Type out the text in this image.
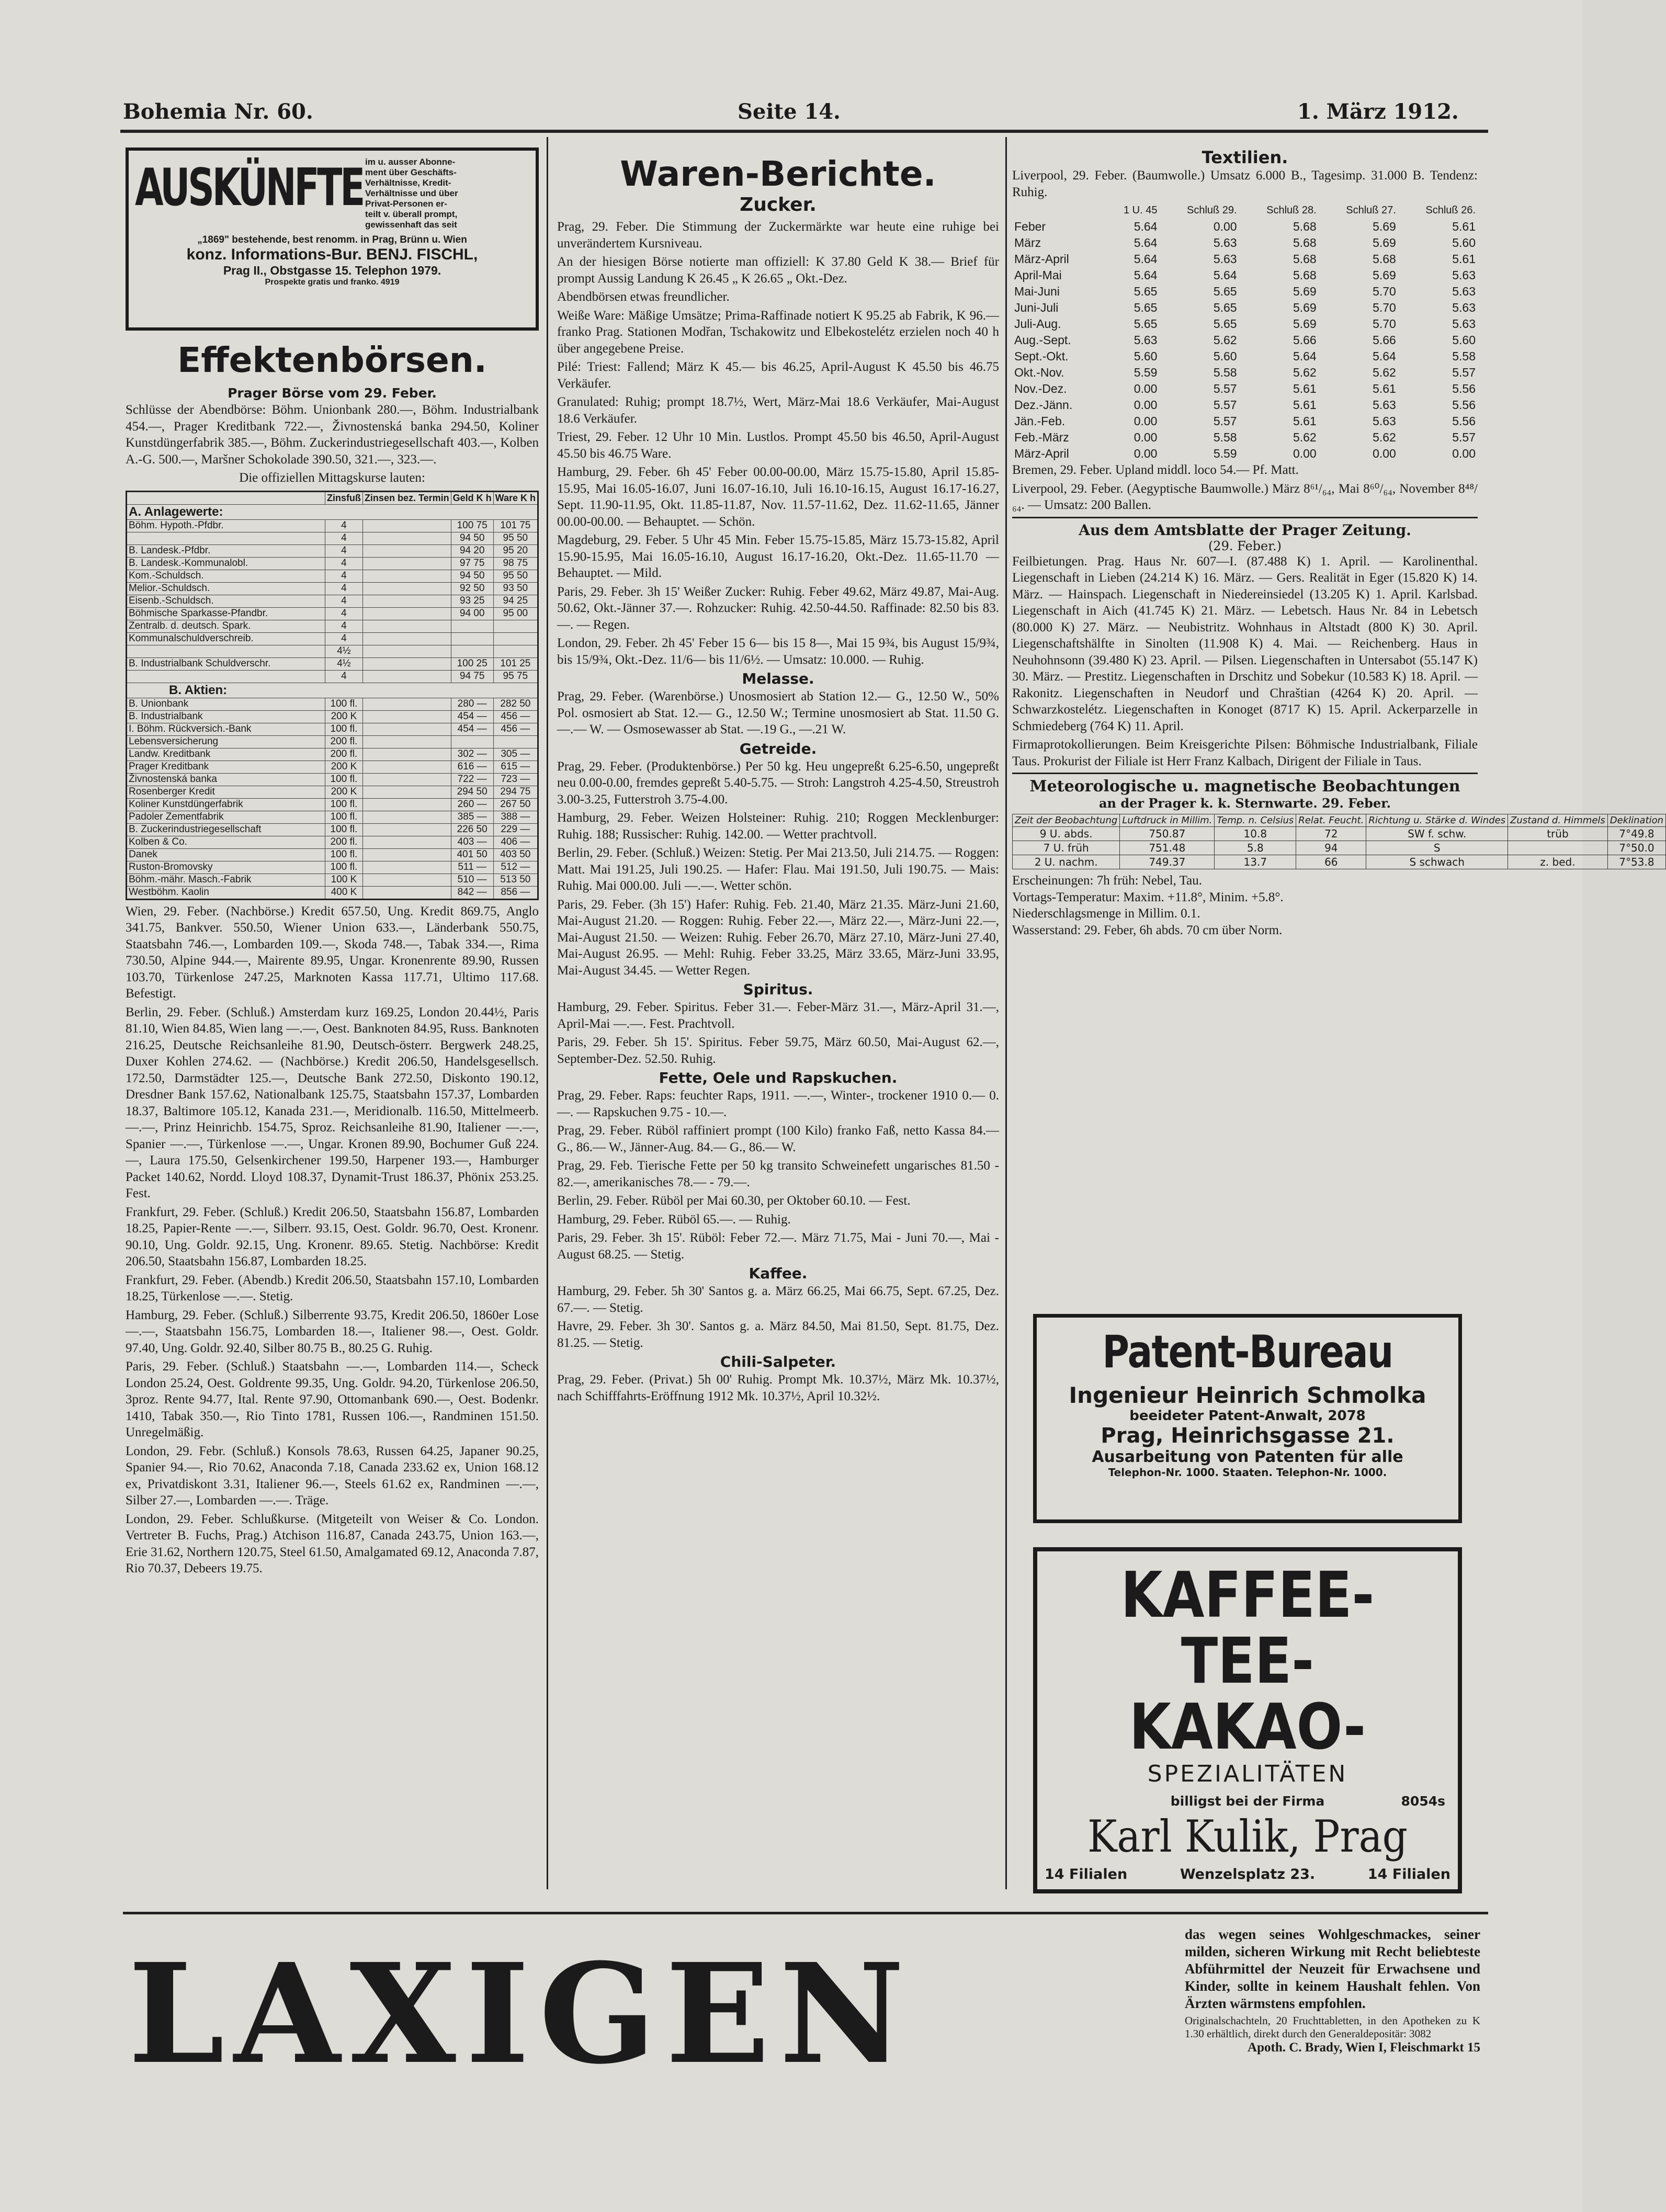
Bohemia Nr. 60.	Seite 14.	1. März 1912.
AUSKÜNFTE im u. ausser Abonne-
ment über Geschäfts-
Verhältnisse, Kredit-
Verhältnisse und über
Privat-Personen er-
teilt v. überall prompt,
gewissenhaft das seit
„1869" bestehende, best renomm. in Prag, Brünn u. Wien
konz. Informations-Bur. BENJ. FISCHL,
Prag II., Obstgasse 15. Telephon 1979.
Prospekte gratis und franko. 4919
Effektenbörsen.
Prager Börse vom 29. Feber.

Schlüsse der Abendbörse: Böhm. Unionbank 280.—, Böhm. Industrialbank 454.—, Prager Kreditbank 722.—, Živnostenská banka 294.50, Koliner Kunstdüngerfabrik 385.—, Böhm. Zuckerindustriegesellschaft 403.—, Kolben A.-G. 500.—, Maršner Schokolade 390.50, 321.—, 323.—.

Die offiziellen Mittagskurse lauten:

	Zinsfuß	Zinsen bez. Termin	Geld K h	Ware K h
A. Anlagewerte:				
Böhm. Hypoth.-Pfdbr.	4		100 75	101 75
	4		94 50	95 50
B. Landesk.-Pfdbr.	4		94 20	95 20
B. Landesk.-Kommunalobl.	4		97 75	98 75
Kom.-Schuldsch.	4		94 50	95 50
Melior.-Schuldsch.	4		92 50	93 50
Eisenb.-Schuldsch.	4		93 25	94 25
Böhmische Sparkasse-Pfandbr.	4		94 00	95 00
Zentralb. d. deutsch. Spark.	4			
Kommunalschuldverschreib.	4			
	4½			
B. Industrialbank Schuldverschr.	4½		100 25	101 25
	4		94 75	95 75
B. Aktien:				
B. Unionbank	100 fl.		280 —	282 50
B. Industrialbank	200 K		454 —	456 —
I. Böhm. Rückversich.-Bank	100 fl.		454 —	456 —
Lebensversicherung	200 fl.			
Landw. Kreditbank	200 fl.		302 —	305 —
Prager Kreditbank	200 K		616 —	615 —
Živnostenská banka	100 fl.		722 —	723 —
Rosenberger Kredit	200 K		294 50	294 75
Koliner Kunstdüngerfabrik	100 fl.		260 —	267 50
Padoler Zementfabrik	100 fl.		385 —	388 —
B. Zuckerindustriegesellschaft	100 fl.		226 50	229 —
Kolben & Co.	200 fl.		403 —	406 —
Danek	100 fl.		401 50	403 50
Ruston-Bromovsky	100 fl.		511 —	512 —
Böhm.-mähr. Masch.-Fabrik	100 K		510 —	513 50
Westböhm. Kaolin	400 K		842 —	856 —

Wien, 29. Feber. (Nachbörse.) Kredit 657.50, Ung. Kredit 869.75, Anglo 341.75, Bankver. 550.50, Wiener Union 633.—, Länderbank 550.75, Staatsbahn 746.—, Lombarden 109.—, Skoda 748.—, Tabak 334.—, Rima 730.50, Alpine 944.—, Mairente 89.95, Ungar. Kronenrente 89.90, Russen 103.70, Türkenlose 247.25, Marknoten Kassa 117.71, Ultimo 117.68. Befestigt.

Berlin, 29. Feber. (Schluß.) Amsterdam kurz 169.25, London 20.44½, Paris 81.10, Wien 84.85, Wien lang —.—, Oest. Banknoten 84.95, Russ. Banknoten 216.25, Deutsche Reichsanleihe 81.90, Deutsch-österr. Bergwerk 248.25, Duxer Kohlen 274.62. — (Nachbörse.) Kredit 206.50, Handelsgesellsch. 172.50, Darmstädter 125.—, Deutsche Bank 272.50, Diskonto 190.12, Dresdner Bank 157.62, Nationalbank 125.75, Staatsbahn 157.37, Lombarden 18.37, Baltimore 105.12, Kanada 231.—, Meridionalb. 116.50, Mittelmeerb. —.—, Prinz Heinrichb. 154.75, Sproz. Reichsanleihe 81.90, Italiener —.—, Spanier —.—, Türkenlose —.—, Ungar. Kronen 89.90, Bochumer Guß 224.—, Laura 175.50, Gelsenkirchener 199.50, Harpener 193.—, Hamburger Packet 140.62, Nordd. Lloyd 108.37, Dynamit-Trust 186.37, Phönix 253.25. Fest.

Frankfurt, 29. Feber. (Schluß.) Kredit 206.50, Staatsbahn 156.87, Lombarden 18.25, Papier-Rente —.—, Silberr. 93.15, Oest. Goldr. 96.70, Oest. Kronenr. 90.10, Ung. Goldr. 92.15, Ung. Kronenr. 89.65. Stetig. Nachbörse: Kredit 206.50, Staatsbahn 156.87, Lombarden 18.25.

Frankfurt, 29. Feber. (Abendb.) Kredit 206.50, Staatsbahn 157.10, Lombarden 18.25, Türkenlose —.—. Stetig.

Hamburg, 29. Feber. (Schluß.) Silberrente 93.75, Kredit 206.50, 1860er Lose —.—, Staatsbahn 156.75, Lombarden 18.—, Italiener 98.—, Oest. Goldr. 97.40, Ung. Goldr. 92.40, Silber 80.75 B., 80.25 G. Ruhig.

Paris, 29. Feber. (Schluß.) Staatsbahn —.—, Lombarden 114.—, Scheck London 25.24, Oest. Goldrente 99.35, Ung. Goldr. 94.20, Türkenlose 206.50, 3proz. Rente 94.77, Ital. Rente 97.90, Ottomanbank 690.—, Oest. Bodenkr. 1410, Tabak 350.—, Rio Tinto 1781, Russen 106.—, Randminen 151.50. Unregelmäßig.

London, 29. Febr. (Schluß.) Konsols 78.63, Russen 64.25, Japaner 90.25, Spanier 94.—, Rio 70.62, Anaconda 7.18, Canada 233.62 ex, Union 168.12 ex, Privatdiskont 3.31, Italiener 96.—, Steels 61.62 ex, Randminen —.—, Silber 27.—, Lombarden —.—. Träge.

London, 29. Feber. Schlußkurse. (Mitgeteilt von Weiser & Co. London. Vertreter B. Fuchs, Prag.) Atchison 116.87, Canada 243.75, Union 163.—, Erie 31.62, Northern 120.75, Steel 61.50, Amalgamated 69.12, Anaconda 7.87, Rio 70.37, Debeers 19.75.

Waren-Berichte.
Zucker.

Prag, 29. Feber. Die Stimmung der Zuckermärkte war heute eine ruhige bei unverändertem Kursniveau.

An der hiesigen Börse notierte man offiziell: K 37.80 Geld K 38.— Brief für prompt Aussig Landung K 26.45 „ K 26.65 „ Okt.-Dez.

Abendbörsen etwas freundlicher.

Weiße Ware: Mäßige Umsätze; Prima-Raffinade notiert K 95.25 ab Fabrik, K 96.— franko Prag. Stationen Modřan, Tschakowitz und Elbekostelétz erzielen noch 40 h über angegebene Preise.

Pilé: Triest: Fallend; März K 45.— bis 46.25, April-August K 45.50 bis 46.75 Verkäufer.

Granulated: Ruhig; prompt 18.7½, Wert, März-Mai 18.6 Verkäufer, Mai-August 18.6 Verkäufer.

Triest, 29. Feber. 12 Uhr 10 Min. Lustlos. Prompt 45.50 bis 46.50, April-August 45.50 bis 46.75 Ware.

Hamburg, 29. Feber. 6h 45' Feber 00.00-00.00, März 15.75-15.80, April 15.85-15.95, Mai 16.05-16.07, Juni 16.07-16.10, Juli 16.10-16.15, August 16.17-16.27, Sept. 11.90-11.95, Okt. 11.85-11.87, Nov. 11.57-11.62, Dez. 11.62-11.65, Jänner 00.00-00.00. — Behauptet. — Schön.

Magdeburg, 29. Feber. 5 Uhr 45 Min. Feber 15.75-15.85, März 15.73-15.82, April 15.90-15.95, Mai 16.05-16.10, August 16.17-16.20, Okt.-Dez. 11.65-11.70 — Behauptet. — Mild.

Paris, 29. Feber. 3h 15' Weißer Zucker: Ruhig. Feber 49.62, März 49.87, Mai-Aug. 50.62, Okt.-Jänner 37.—. Rohzucker: Ruhig. 42.50-44.50. Raffinade: 82.50 bis 83.—. — Regen.

London, 29. Feber. 2h 45' Feber 15 6— bis 15 8—, Mai 15 9¾, bis August 15/9¾, bis 15/9¾, Okt.-Dez. 11/6— bis 11/6½. — Umsatz: 10.000. — Ruhig.

Melasse.

Prag, 29. Feber. (Warenbörse.) Unosmosiert ab Station 12.— G., 12.50 W., 50% Pol. osmosiert ab Stat. 12.— G., 12.50 W.; Termine unosmosiert ab Stat. 11.50 G. —.— W. — Osmosewasser ab Stat. —.19 G., —.21 W.

Getreide.

Prag, 29. Feber. (Produktenbörse.) Per 50 kg. Heu ungepreßt 6.25-6.50, ungepreßt neu 0.00-0.00, fremdes gepreßt 5.40-5.75. — Stroh: Langstroh 4.25-4.50, Streustroh 3.00-3.25, Futterstroh 3.75-4.00.

Hamburg, 29. Feber. Weizen Holsteiner: Ruhig. 210; Roggen Mecklenburger: Ruhig. 188; Russischer: Ruhig. 142.00. — Wetter prachtvoll.

Berlin, 29. Feber. (Schluß.) Weizen: Stetig. Per Mai 213.50, Juli 214.75. — Roggen: Matt. Mai 191.25, Juli 190.25. — Hafer: Flau. Mai 191.50, Juli 190.75. — Mais: Ruhig. Mai 000.00. Juli —.—. Wetter schön.

Paris, 29. Feber. (3h 15') Hafer: Ruhig. Feb. 21.40, März 21.35. März-Juni 21.60, Mai-August 21.20. — Roggen: Ruhig. Feber 22.—, März 22.—, März-Juni 22.—, Mai-August 21.50. — Weizen: Ruhig. Feber 26.70, März 27.10, März-Juni 27.40, Mai-August 26.95. — Mehl: Ruhig. Feber 33.25, März 33.65, März-Juni 33.95, Mai-August 34.45. — Wetter Regen.

Spiritus.

Hamburg, 29. Feber. Spiritus. Feber 31.—. Feber-März 31.—, März-April 31.—, April-Mai —.—. Fest. Prachtvoll.

Paris, 29. Feber. 5h 15'. Spiritus. Feber 59.75, März 60.50, Mai-August 62.—, September-Dez. 52.50. Ruhig.

Fette, Oele und Rapskuchen.

Prag, 29. Feber. Raps: feuchter Raps, 1911. —.—, Winter-, trockener 1910 0.— 0.—. — Rapskuchen 9.75 - 10.—.

Prag, 29. Feber. Rüböl raffiniert prompt (100 Kilo) franko Faß, netto Kassa 84.— G., 86.— W., Jänner-Aug. 84.— G., 86.— W.

Prag, 29. Feb. Tierische Fette per 50 kg transito Schweinefett ungarisches 81.50 - 82.—, amerikanisches 78.— - 79.—.

Berlin, 29. Feber. Rüböl per Mai 60.30, per Oktober 60.10. — Fest.

Hamburg, 29. Feber. Rüböl 65.—. — Ruhig.

Paris, 29. Feber. 3h 15'. Rüböl: Feber 72.—. März 71.75, Mai - Juni 70.—, Mai - August 68.25. — Stetig.

Kaffee.

Hamburg, 29. Feber. 5h 30' Santos g. a. März 66.25, Mai 66.75, Sept. 67.25, Dez. 67.—. — Stetig.

Havre, 29. Feber. 3h 30'. Santos g. a. März 84.50, Mai 81.50, Sept. 81.75, Dez. 81.25. — Stetig.

Chili-Salpeter.

Prag, 29. Feber. (Privat.) 5h 00' Ruhig. Prompt Mk. 10.37½, März Mk. 10.37½, nach Schifffahrts-Eröffnung 1912 Mk. 10.37½, April 10.32½.

Textilien.

Liverpool, 29. Feber. (Baumwolle.) Umsatz 6.000 B., Tagesimp. 31.000 B. Tendenz: Ruhig.

	1 U. 45	Schluß 29.	Schluß 28.	Schluß 27.	Schluß 26.
Feber	5.64	0.00	5.68	5.69	5.61
März	5.64	5.63	5.68	5.69	5.60
März-April	5.64	5.63	5.68	5.68	5.61
April-Mai	5.64	5.64	5.68	5.69	5.63
Mai-Juni	5.65	5.65	5.69	5.70	5.63
Juni-Juli	5.65	5.65	5.69	5.70	5.63
Juli-Aug.	5.65	5.65	5.69	5.70	5.63
Aug.-Sept.	5.63	5.62	5.66	5.66	5.60
Sept.-Okt.	5.60	5.60	5.64	5.64	5.58
Okt.-Nov.	5.59	5.58	5.62	5.62	5.57
Nov.-Dez.	0.00	5.57	5.61	5.61	5.56
Dez.-Jänn.	0.00	5.57	5.61	5.63	5.56
Jän.-Feb.	0.00	5.57	5.61	5.63	5.56
Feb.-März	0.00	5.58	5.62	5.62	5.57
März-April	0.00	5.59	0.00	0.00	0.00

Bremen, 29. Feber. Upland middl. loco 54.— Pf. Matt.

Liverpool, 29. Feber. (Aegyptische Baumwolle.) März 8⁶¹/₆₄, Mai 8⁶⁰/₆₄, November 8⁴⁸/₆₄. — Umsatz: 200 Ballen.

Aus dem Amtsblatte der Prager Zeitung.
(29. Feber.)

Feilbietungen. Prag. Haus Nr. 607—I. (87.488 K) 1. April. — Karolinenthal. Liegenschaft in Lieben (24.214 K) 16. März. — Gers. Realität in Eger (15.820 K) 14. März. — Hainspach. Liegenschaft in Niedereinsiedel (13.205 K) 1. April. Karlsbad. Liegenschaft in Aich (41.745 K) 21. März. — Lebetsch. Haus Nr. 84 in Lebetsch (80.000 K) 27. März. — Neubistritz. Wohnhaus in Altstadt (800 K) 30. April. Liegenschaftshälfte in Sinolten (11.908 K) 4. Mai. — Reichenberg. Haus in Neuhohnsonn (39.480 K) 23. April. — Pilsen. Liegenschaften in Untersabot (55.147 K) 30. März. — Prestitz. Liegenschaften in Drschitz und Sobekur (10.583 K) 18. April. — Rakonitz. Liegenschaften in Neudorf und Chraštian (4264 K) 20. April. — Schwarzkostelétz. Liegenschaften in Konoget (8717 K) 15. April. Ackerparzelle in Schmiedeberg (764 K) 11. April.

Firmaprotokollierungen. Beim Kreisgerichte Pilsen: Böhmische Industrialbank, Filiale Taus. Prokurist der Filiale ist Herr Franz Kalbach, Dirigent der Filiale in Taus.

Meteorologische u. magnetische Beobachtungen
an der Prager k. k. Sternwarte. 29. Feber.
Zeit der Beobachtung	Luftdruck in Millim.	Temp. n. Celsius	Relat. Feucht.	Richtung u. Stärke d. Windes	Zustand d. Himmels	Deklination
9 U. abds.	750.87	10.8	72	SW f. schw.	trüb	7°49.8
7 U. früh	751.48	5.8	94	S		7°50.0
2 U. nachm.	749.37	13.7	66	S schwach	z. bed.	7°53.8

Erscheinungen: 7h früh: Nebel, Tau.

Vortags-Temperatur: Maxim. +11.8°, Minim. +5.8°.

Niederschlagsmenge in Millim. 0.1.

Wasserstand: 29. Feber, 6h abds. 70 cm über Norm.

Patent-Bureau
Ingenieur Heinrich Schmolka
beeideter Patent-Anwalt, 2078
Prag, Heinrichsgasse 21.
Ausarbeitung von Patenten für alle
Telephon-Nr. 1000. Staaten. Telephon-Nr. 1000.
KAFFEE-
TEE-
KAKAO-
SPEZIALITÄTEN
billigst bei der Firma	8054s
Karl Kulik, Prag
14 Filialen	Wenzelsplatz 23.	14 Filialen
LAXIGEN	das wegen seines Wohlgeschmackes, seiner milden, sicheren Wirkung mit Recht beliebteste Abführmittel der Neuzeit für Erwachsene und Kinder, sollte in keinem Haushalt fehlen. Von Ärzten wärmstens empfohlen.
Originalschachteln, 20 Fruchttabletten, in den Apotheken zu K 1.30 erhältlich, direkt durch den Generaldepositär: 3082
Apoth. C. Brady, Wien I, Fleischmarkt 15
